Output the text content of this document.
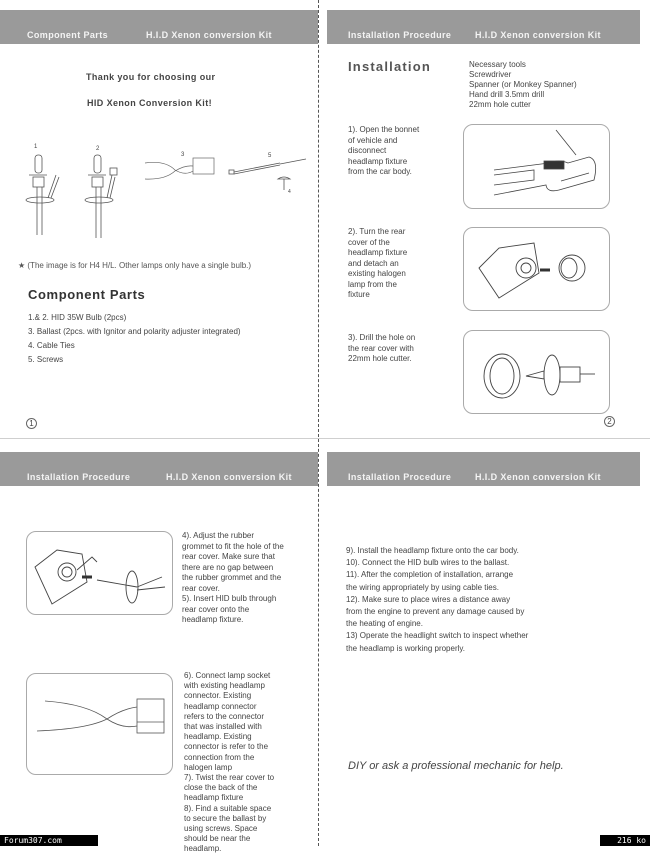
Component Parts	H.I.D Xenon conversion Kit
Thank you for choosing our
HID Xenon Conversion Kit!
1	2
3	5
4
★ (The image is for H4 H/L. Other lamps only have a single bulb.)
Component Parts
1.& 2. HID 35W Bulb (2pcs)
3. Ballast (2pcs. with Ignitor and polarity adjuster integrated)
4. Cable Ties
5. Screws
1
Installation Procedure	H.I.D Xenon conversion Kit
Installation	Necessary tools
Screwdriver
Spanner (or Monkey Spanner)
Hand drill 3.5mm drill
22mm hole cutter
1). Open the bonnet
of vehicle and
disconnect
headlamp fixture
from the car body.
2). Turn the rear
cover of the
headlamp fixture
and detach an
existing halogen
lamp from the
fixture
3). Drill the hole on
the rear cover with
22mm hole cutter.
2
Installation Procedure	H.I.D Xenon conversion Kit
4). Adjust the rubber
grommet to fit the hole of the
rear cover. Make sure that
there are no gap between
the rubber grommet and the
rear cover.
5). Insert HID bulb through
rear cover onto the
headlamp fixture.
6). Connect lamp socket
with existing headlamp
connector. Existing
headlamp connector
refers to the connector
that was installed with
headlamp. Existing
connector is refer to the
connection from the
halogen lamp
7). Twist the rear cover to
close the back of the
headlamp fixture
8). Find a suitable space
to secure the ballast by
using screws. Space
should be near the
headlamp.
Installation Procedure	H.I.D Xenon conversion Kit
9). Install the headlamp fixture onto the car body.
10). Connect the HID bulb wires to the ballast.
11). After the completion of installation, arrange
the wiring appropriately by using cable ties.
12). Make sure to place wires a distance away
from the engine to prevent any damage caused by
the heating of engine.
13) Operate the headlight switch to inspect whether
the headlamp is working properly.
DIY or ask a professional mechanic for help.
Forum307.com	216 ko
